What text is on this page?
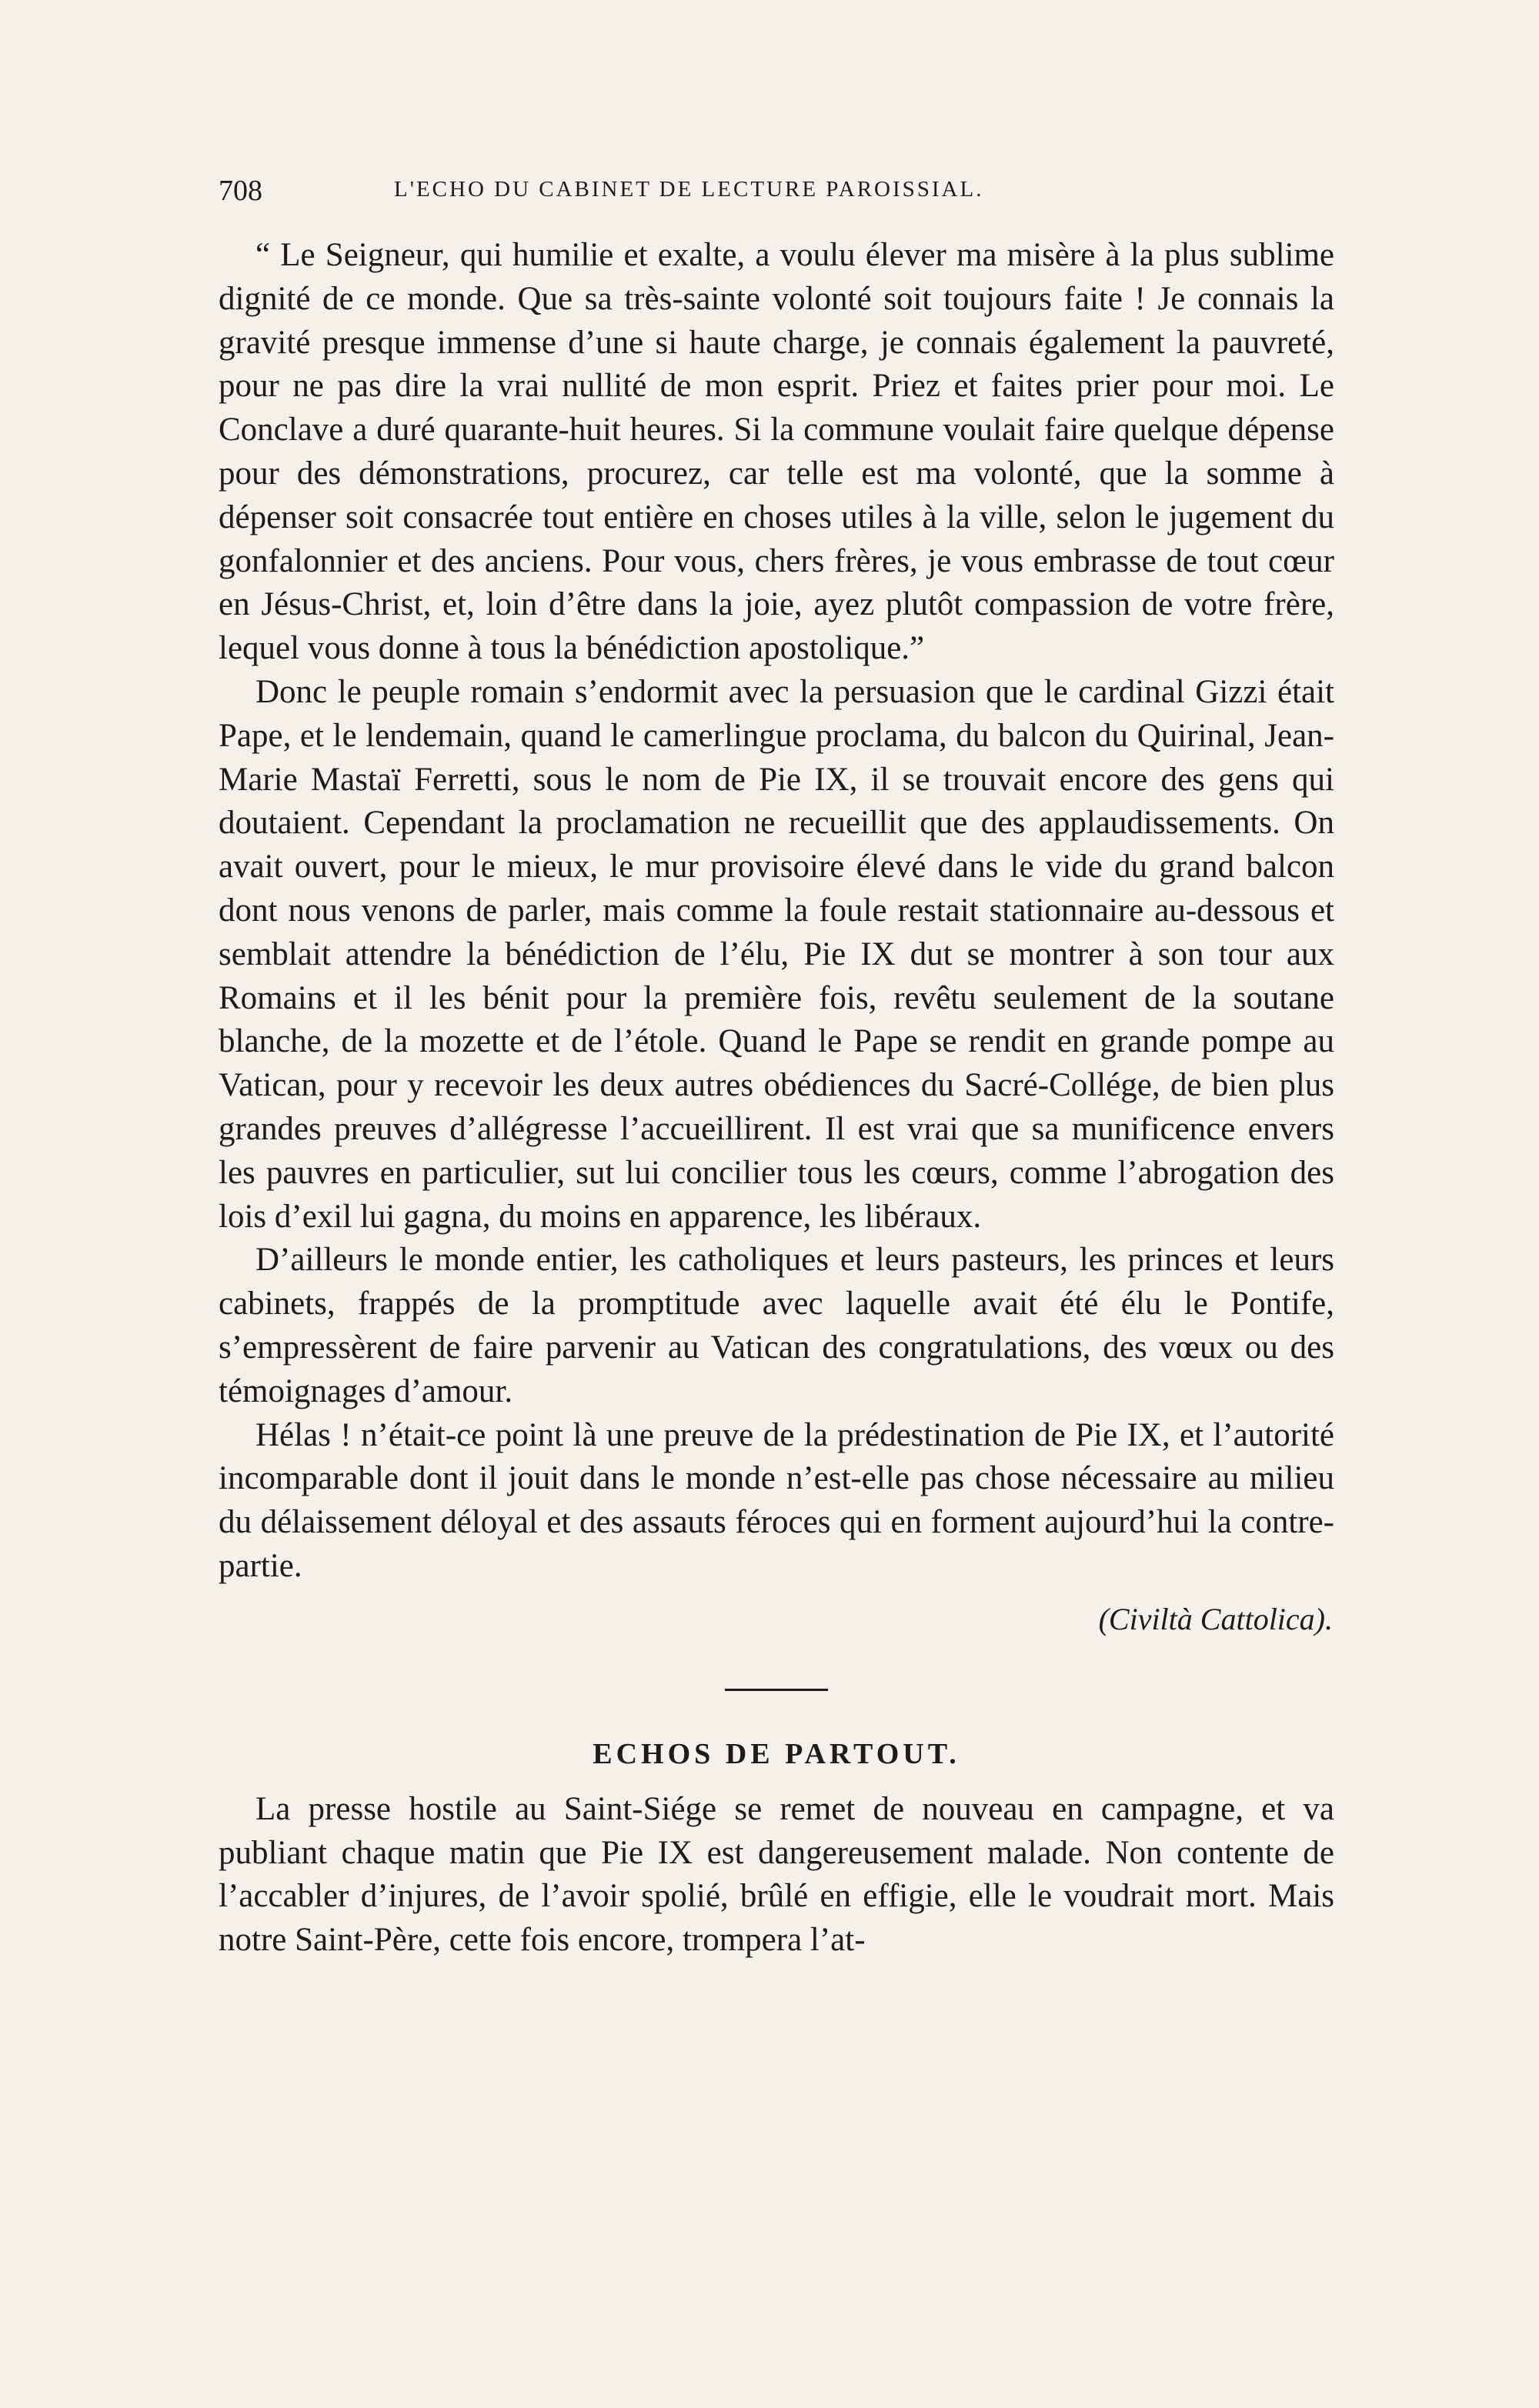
708	L'ECHO DU CABINET DE LECTURE PAROISSIAL.

“ Le Seigneur, qui humilie et exalte, a voulu élever ma misère à la plus sublime dignité de ce monde. Que sa très-sainte volonté soit toujours faite ! Je connais la gravité presque immense d’une si haute charge, je connais également la pauvreté, pour ne pas dire la vrai nullité de mon esprit. Priez et faites prier pour moi. Le Conclave a duré quarante-huit heures. Si la commune voulait faire quelque dépense pour des démonstrations, procurez, car telle est ma volonté, que la somme à dépenser soit consacrée tout entière en choses utiles à la ville, selon le jugement du gonfalonnier et des anciens. Pour vous, chers frères, je vous embrasse de tout cœur en Jésus-Christ, et, loin d’être dans la joie, ayez plutôt compassion de votre frère, lequel vous donne à tous la bénédiction apostolique.”

Donc le peuple romain s’endormit avec la persuasion que le cardinal Gizzi était Pape, et le lendemain, quand le camerlingue proclama, du balcon du Quirinal, Jean-Marie Mastaï Ferretti, sous le nom de Pie IX, il se trouvait encore des gens qui doutaient. Cependant la proclamation ne recueillit que des applaudissements. On avait ouvert, pour le mieux, le mur provisoire élevé dans le vide du grand balcon dont nous venons de parler, mais comme la foule restait stationnaire au-dessous et semblait attendre la bénédiction de l’élu, Pie IX dut se montrer à son tour aux Romains et il les bénit pour la première fois, revêtu seulement de la soutane blanche, de la mozette et de l’étole. Quand le Pape se rendit en grande pompe au Vatican, pour y recevoir les deux autres obédiences du Sacré-Collége, de bien plus grandes preuves d’allégresse l’accueillirent. Il est vrai que sa munificence envers les pauvres en particulier, sut lui concilier tous les cœurs, comme l’abrogation des lois d’exil lui gagna, du moins en apparence, les libéraux.

D’ailleurs le monde entier, les catholiques et leurs pasteurs, les princes et leurs cabinets, frappés de la promptitude avec laquelle avait été élu le Pontife, s’empressèrent de faire parvenir au Vatican des congratulations, des vœux ou des témoignages d’amour.

Hélas ! n’était-ce point là une preuve de la prédestination de Pie IX, et l’autorité incomparable dont il jouit dans le monde n’est-elle pas chose nécessaire au milieu du délaissement déloyal et des assauts féroces qui en forment aujourd’hui la contre-partie.

(Civiltà Cattolica).
ECHOS DE PARTOUT.

La presse hostile au Saint-Siége se remet de nouveau en campagne, et va publiant chaque matin que Pie IX est dangereusement malade. Non contente de l’accabler d’injures, de l’avoir spolié, brûlé en effigie, elle le voudrait mort. Mais notre Saint-Père, cette fois encore, trompera l’at-
